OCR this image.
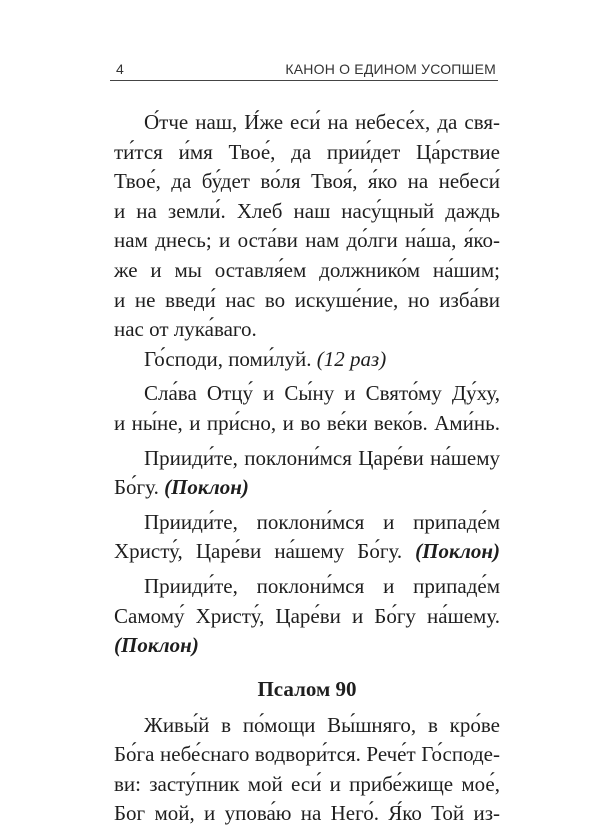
4	КАНОН О ЕДИНОМ УСОПШЕМ
О́тче наш, И́же еси́ на небесе́х, да свя-
ти́тся и́мя Твое́, да прии́дет Ца́рствие
Твое́, да бу́дет во́ля Твоя́, я́ко на небеси́
и на земли́. Хлеб наш насу́щный даждь
нам днесь; и оста́ви нам до́лги на́ша, я́ко-
же и мы оставля́ем должнико́м на́шим;
и не введи́ нас во искуше́ние, но изба́ви
нас от лука́ваго.
Го́споди, поми́луй. (12 раз)
Сла́ва Отцу́ и Сы́ну и Свято́му Ду́ху,
и ны́не, и при́сно, и во ве́ки веко́в. Ами́нь.
Прииди́те, поклони́мся Царе́ви на́шему
Бо́гу. (Поклон)
Прииди́те, поклони́мся и припаде́м
Христу́, Царе́ви на́шему Бо́гу. (Поклон)
Прииди́те, поклони́мся и припаде́м
Самому́ Христу́, Царе́ви и Бо́гу на́шему.
(Поклон)
Псалом 90
Живы́й в по́мощи Вы́шняго, в кро́ве
Бо́га небе́снаго водвори́тся. Рече́т Го́споде-
ви: засту́пник мой еси́ и прибе́жище мое́,
Бог мой, и упова́ю на Него́. Я́ко Той из-
